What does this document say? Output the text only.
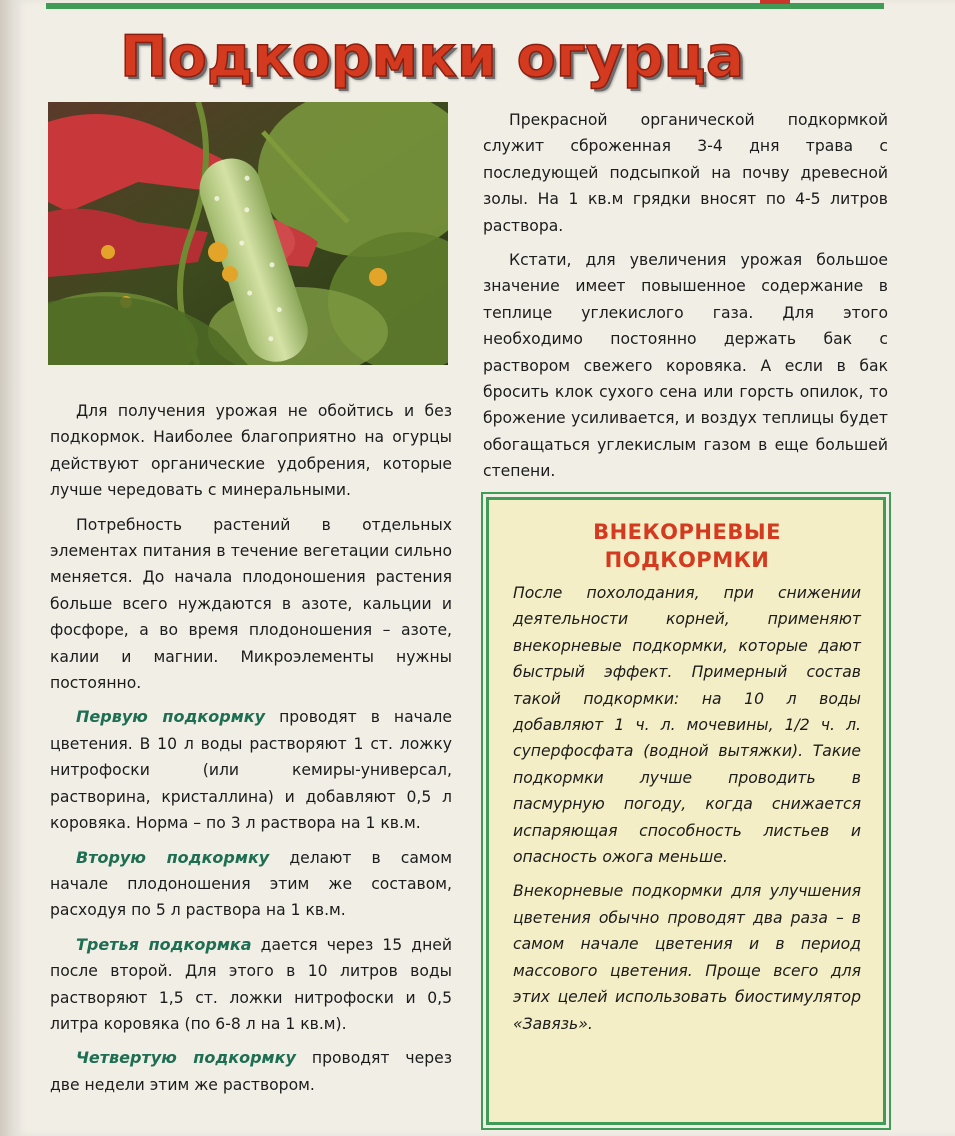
Подкормки огурца

Для получения урожая не обойтись и без подкормок. Наиболее благоприятно на огурцы действуют органические удобрения, которые лучше чередовать с минеральными.

Потребность растений в отдельных элементах питания в течение вегетации сильно меняется. До начала плодоношения растения больше всего нуждаются в азоте, кальции и фосфоре, а во время плодоношения – азоте, калии и магнии. Микроэлементы нужны постоянно.

Первую подкормку проводят в начале цветения. В 10 л воды растворяют 1 ст. ложку нитрофоски (или кемиры-универсал, растворина, кристаллина) и добавляют 0,5 л коровяка. Норма – по 3 л раствора на 1 кв.м.

Вторую подкормку делают в самом начале плодоношения этим же составом, расходуя по 5 л раствора на 1 кв.м.

Третья подкормка дается через 15 дней после второй. Для этого в 10 литров воды растворяют 1,5 ст. ложки нитрофоски и 0,5 литра коровяка (по 6-8 л на 1 кв.м).

Четвертую подкормку проводят через две недели этим же раствором.

Прекрасной органической подкормкой служит сброженная 3-4 дня трава с последующей подсыпкой на почву древесной золы. На 1 кв.м грядки вносят по 4-5 литров раствора.

Кстати, для увеличения урожая большое значение имеет повышенное содержание в теплице углекислого газа. Для этого необходимо постоянно держать бак с раствором свежего коровяка. А если в бак бросить клок сухого сена или горсть опилок, то брожение усиливается, и воздух теплицы будет обогащаться углекислым газом в еще большей степени.

ВНЕКОРНЕВЫЕ
ПОДКОРМКИ

После похолодания, при снижении деятельности корней, применяют внекорневые подкормки, которые дают быстрый эффект. Примерный состав такой подкормки: на 10 л воды добавляют 1 ч. л. мочевины, 1/2 ч. л. суперфосфата (водной вытяжки). Такие подкормки лучше проводить в пасмурную погоду, когда снижается испаряющая способность листьев и опасность ожога меньше.

Внекорневые подкормки для улучшения цветения обычно проводят два раза – в самом начале цветения и в период массового цветения. Проще всего для этих целей использовать биостимулятор «Завязь».
